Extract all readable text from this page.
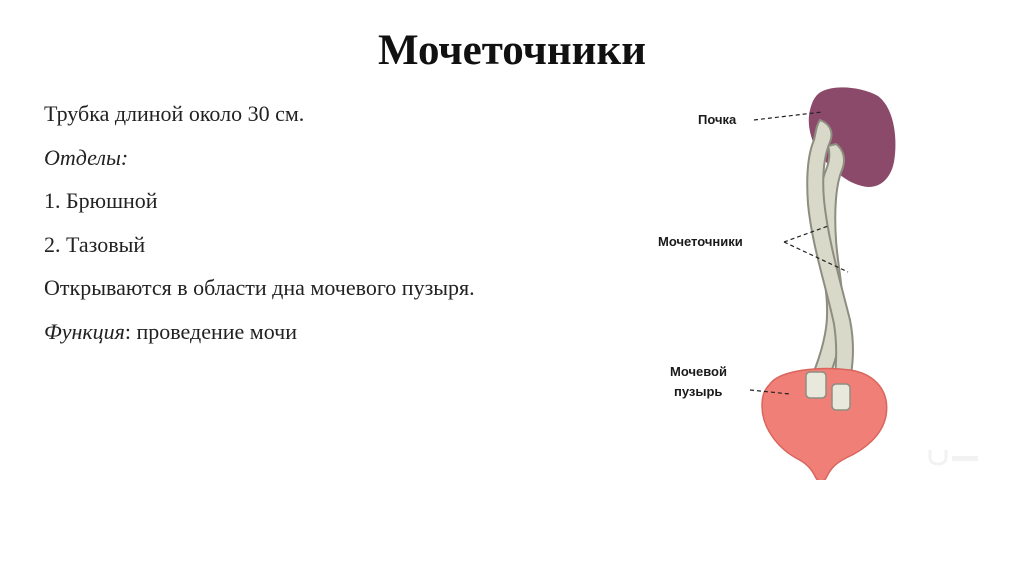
Мочеточники
Трубка длиной около 30 см.
Отделы:
1. Брюшной
2. Тазовый
Открываются в области дна мочевого пузыря.
Функция: проведение мочи
Почка
Мочеточники
Мочевой
пузырь
